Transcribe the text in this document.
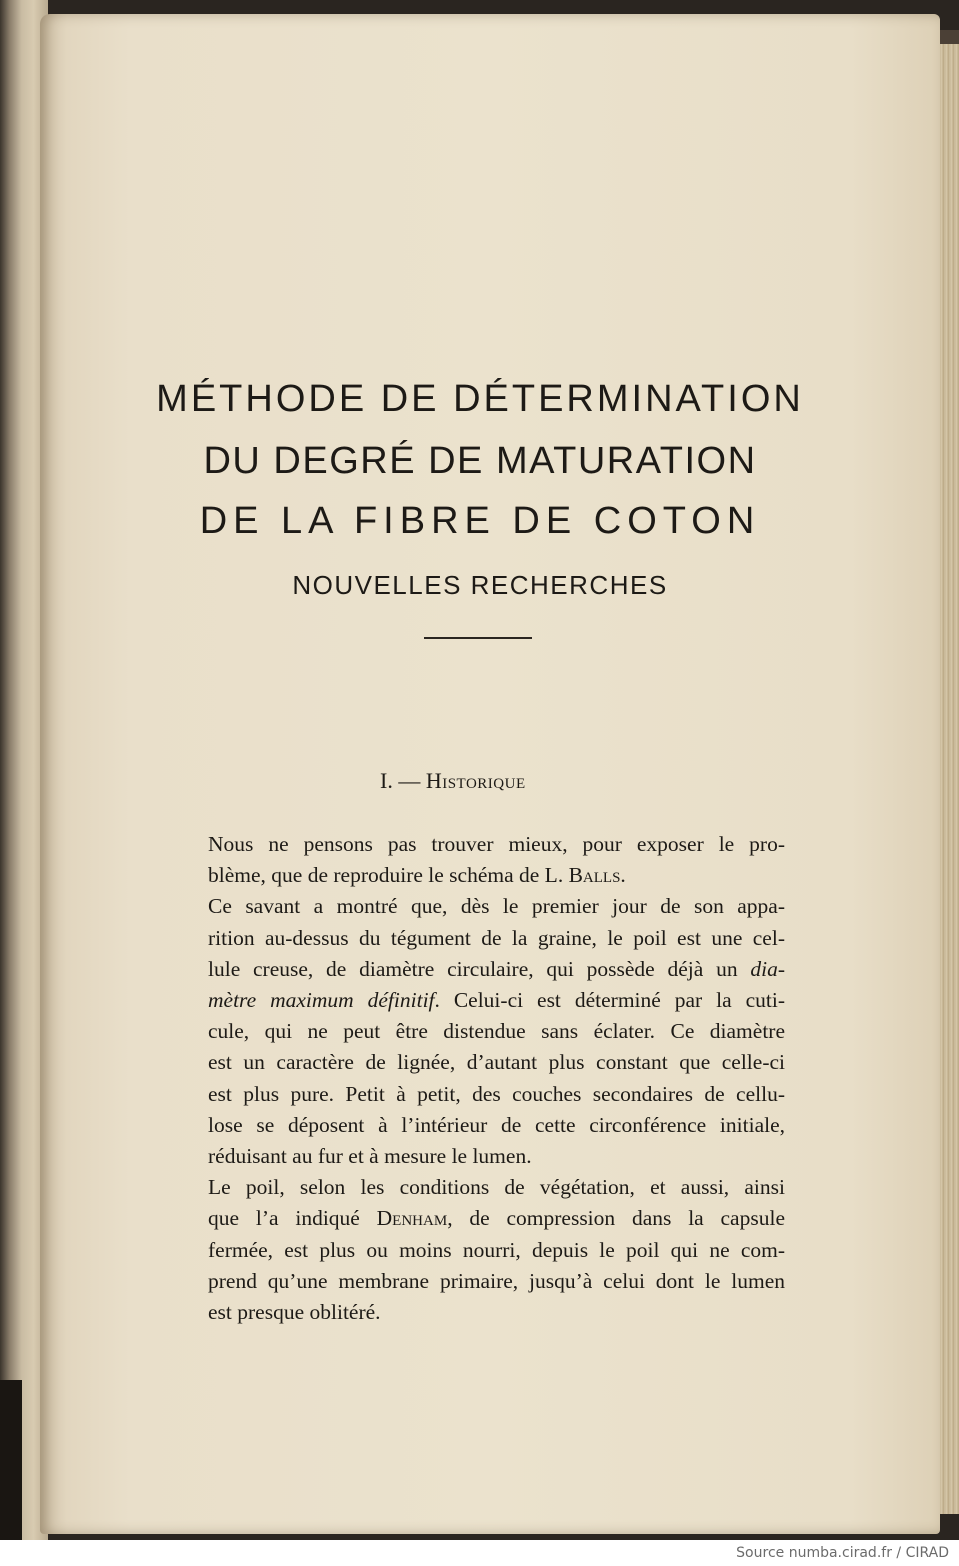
MÉTHODE DE DÉTERMINATION
DU DEGRÉ DE MATURATION
DE LA FIBRE DE COTON
NOUVELLES RECHERCHES
I. — Historique
Nous ne pensons pas trouver mieux, pour exposer le pro-
blème, que de reproduire le schéma de L. Balls.
Ce savant a montré que, dès le premier jour de son appa-
rition au-dessus du tégument de la graine, le poil est une cel-
lule creuse, de diamètre circulaire, qui possède déjà un dia-
mètre maximum définitif. Celui-ci est déterminé par la cuti-
cule, qui ne peut être distendue sans éclater. Ce diamètre
est un caractère de lignée, d’autant plus constant que celle-ci
est plus pure. Petit à petit, des couches secondaires de cellu-
lose se déposent à l’intérieur de cette circonférence initiale,
réduisant au fur et à mesure le lumen.
Le poil, selon les conditions de végétation, et aussi, ainsi
que l’a indiqué Denham, de compression dans la capsule
fermée, est plus ou moins nourri, depuis le poil qui ne com-
prend qu’une membrane primaire, jusqu’à celui dont le lumen
est presque oblitéré.
Source numba.cirad.fr / CIRAD
